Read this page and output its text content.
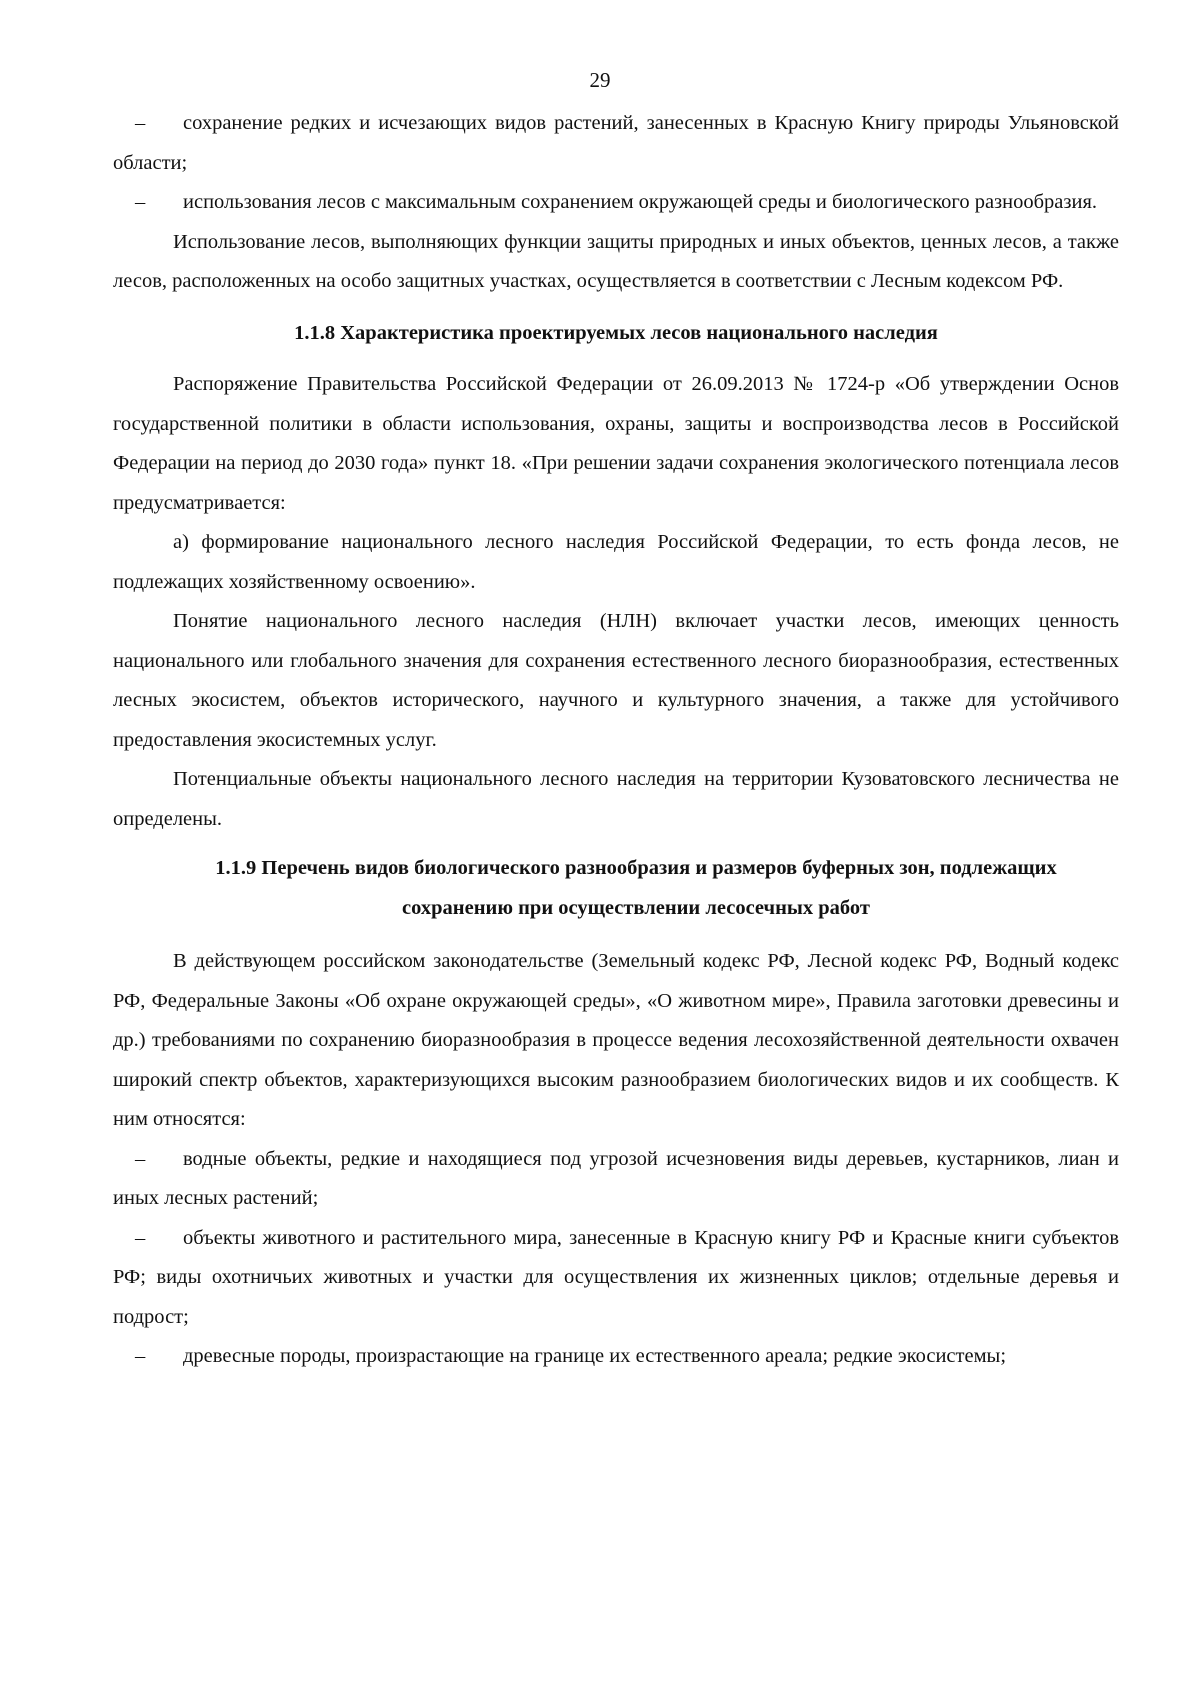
29

– сохранение редких и исчезающих видов растений, занесенных в Красную Книгу природы Ульяновской области;

– использования лесов с максимальным сохранением окружающей среды и биологического разнообразия.

Использование лесов, выполняющих функции защиты природных и иных объектов, ценных лесов, а также лесов, расположенных на особо защитных участках, осуществляется в соответствии с Лесным кодексом РФ.

1.1.8 Характеристика проектируемых лесов национального наследия

Распоряжение Правительства Российской Федерации от 26.09.2013 № 1724-р «Об утверждении Основ государственной политики в области использования, охраны, защиты и воспроизводства лесов в Российской Федерации на период до 2030 года» пункт 18. «При решении задачи сохранения экологического потенциала лесов предусматривается:

а) формирование национального лесного наследия Российской Федерации, то есть фонда лесов, не подлежащих хозяйственному освоению».

Понятие национального лесного наследия (НЛН) включает участки лесов, имеющих ценность национального или глобального значения для сохранения естественного лесного биоразнообразия, естественных лесных экосистем, объектов исторического, научного и культурного значения, а также для устойчивого предоставления экосистемных услуг.

Потенциальные объекты национального лесного наследия на территории Кузоватовского лесничества не определены.

1.1.9 Перечень видов биологического разнообразия и размеров буферных зон, подлежащих сохранению при осуществлении лесосечных работ

В действующем российском законодательстве (Земельный кодекс РФ, Лесной кодекс РФ, Водный кодекс РФ, Федеральные Законы «Об охране окружающей среды», «О животном мире», Правила заготовки древесины и др.) требованиями по сохранению биоразнообразия в процессе ведения лесохозяйственной деятельности охвачен широкий спектр объектов, характеризующихся высоким разнообразием биологических видов и их сообществ. К ним относятся:

– водные объекты, редкие и находящиеся под угрозой исчезновения виды деревьев, кустарников, лиан и иных лесных растений;

– объекты животного и растительного мира, занесенные в Красную книгу РФ и Красные книги субъектов РФ; виды охотничьих животных и участки для осуществления их жизненных циклов; отдельные деревья и подрост;

– древесные породы, произрастающие на границе их естественного ареала; редкие экосистемы;
